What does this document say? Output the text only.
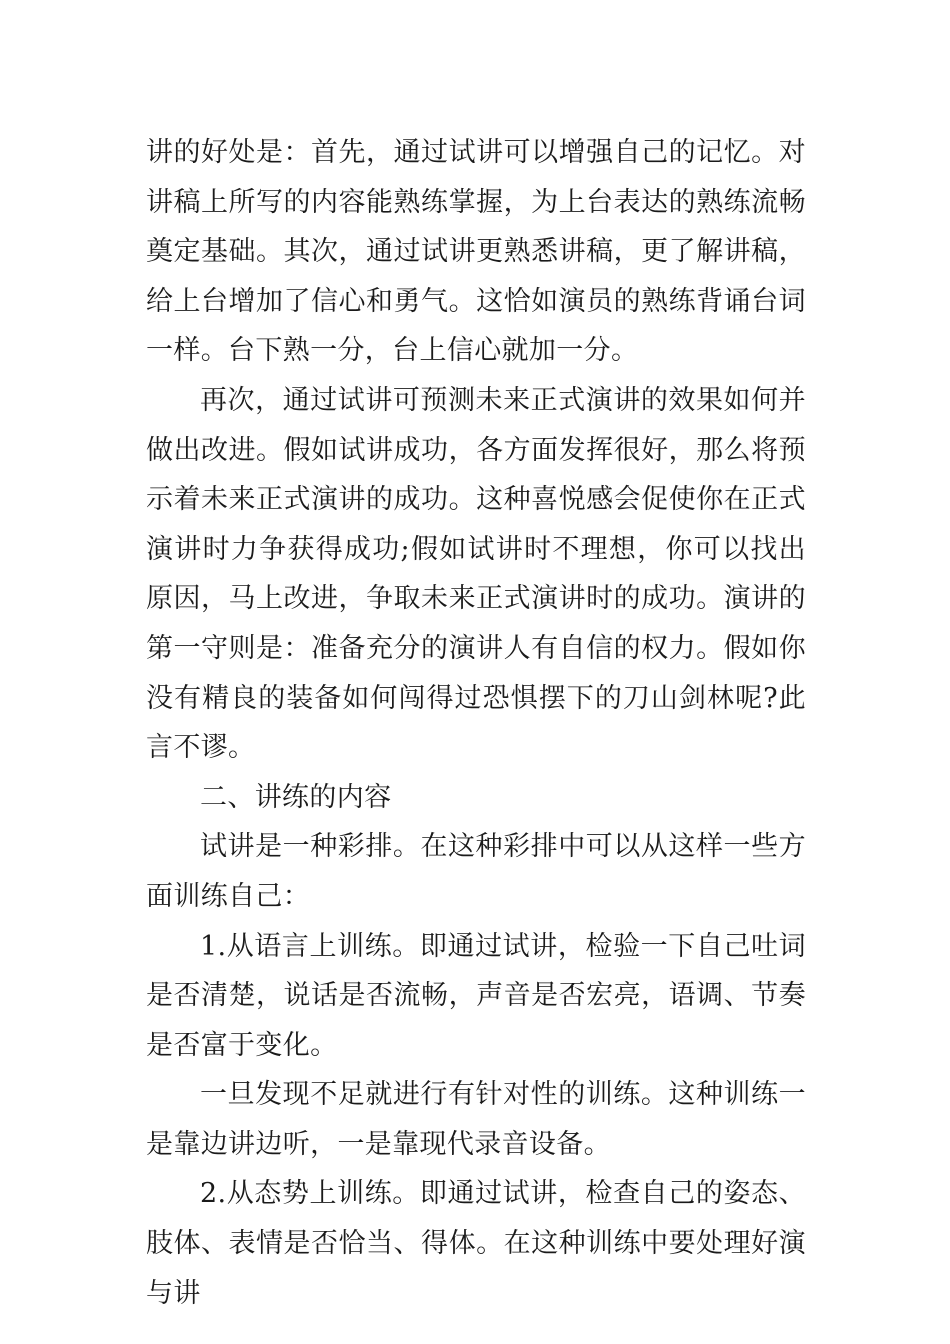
讲的好处是：首先，通过试讲可以增强自己的记忆。对讲稿上所写的内容能熟练掌握，为上台表达的熟练流畅奠定基础。其次，通过试讲更熟悉讲稿，更了解讲稿，给上台增加了信心和勇气。这恰如演员的熟练背诵台词一样。台下熟一分，台上信心就加一分。

再次，通过试讲可预测未来正式演讲的效果如何并做出改进。假如试讲成功，各方面发挥很好，那么将预示着未来正式演讲的成功。这种喜悦感会促使你在正式演讲时力争获得成功;假如试讲时不理想，你可以找出原因，马上改进，争取未来正式演讲时的成功。演讲的第一守则是：准备充分的演讲人有自信的权力。假如你没有精良的装备如何闯得过恐惧摆下的刀山剑林呢?此言不谬。

二、讲练的内容

试讲是一种彩排。在这种彩排中可以从这样一些方面训练自己：

1.从语言上训练。即通过试讲，检验一下自己吐词是否清楚，说话是否流畅，声音是否宏亮，语调、节奏是否富于变化。

一旦发现不足就进行有针对性的训练。这种训练一是靠边讲边听，一是靠现代录音设备。

2.从态势上训练。即通过试讲，检查自己的姿态、肢体、表情是否恰当、得体。在这种训练中要处理好演与讲
